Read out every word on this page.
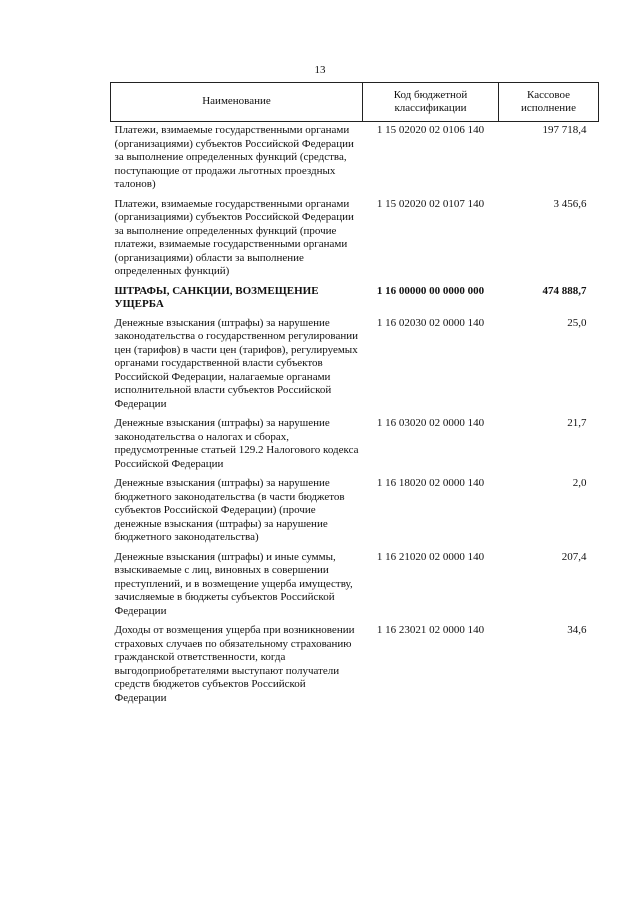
13
Наименование	Код бюджетной классификации	Кассовое исполнение
Платежи, взимаемые государственными органами (организациями) субъектов Российской Федерации за выполнение определенных функций (средства, поступающие от продажи льготных проездных талонов)	1 15 02020 02 0106 140	197 718,4
Платежи, взимаемые государственными органами (организациями) субъектов Российской Федерации за выполнение определенных функций (прочие платежи, взимаемые государственными органами (организациями) области за выполнение определенных функций)	1 15 02020 02 0107 140	3 456,6
ШТРАФЫ, САНКЦИИ, ВОЗМЕЩЕНИЕ УЩЕРБА	1 16 00000 00 0000 000	474 888,7
Денежные взыскания (штрафы) за нарушение законодательства о государственном регулировании цен (тарифов) в части цен (тарифов), регулируемых органами государственной власти субъектов Российской Федерации, налагаемые органами исполнительной власти субъектов Российской Федерации	1 16 02030 02 0000 140	25,0
Денежные взыскания (штрафы) за нарушение законодательства о налогах и сборах, предусмотренные статьей 129.2 Налогового кодекса Российской Федерации	1 16 03020 02 0000 140	21,7
Денежные взыскания (штрафы) за нарушение бюджетного законодательства (в части бюджетов субъектов Российской Федерации) (прочие денежные взыскания (штрафы) за нарушение бюджетного законодательства)	1 16 18020 02 0000 140	2,0
Денежные взыскания (штрафы) и иные суммы, взыскиваемые с лиц, виновных в совершении преступлений, и в возмещение ущерба имуществу, зачисляемые в бюджеты субъектов Российской Федерации	1 16 21020 02 0000 140	207,4
Доходы от возмещения ущерба при возникновении страховых случаев по обязательному страхованию гражданской ответственности, когда выгодоприобретателями выступают получатели средств бюджетов субъектов Российской Федерации	1 16 23021 02 0000 140	34,6
